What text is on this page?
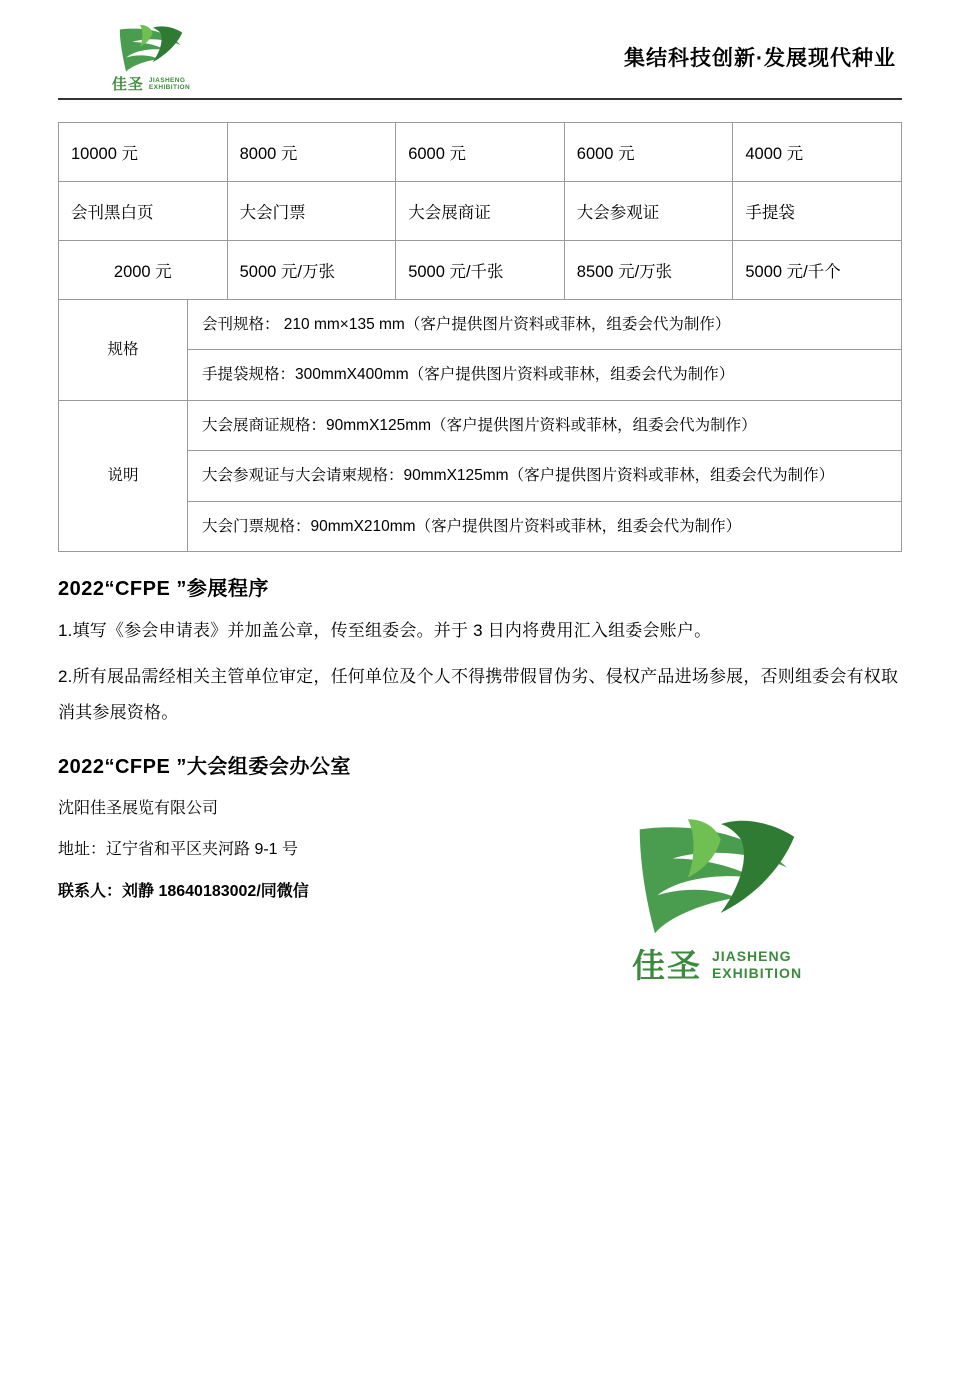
佳圣 JIASHENG
EXHIBITION
集结科技创新·发展现代种业
10000 元	8000 元	6000 元	6000 元	4000 元
会刊黑白页	大会门票	大会展商证	大会参观证	手提袋
2000 元	5000 元/万张	5000 元/千张	8500 元/万张	5000 元/千个
规格	会刊规格： 210 mm×135 mm（客户提供图片资料或菲林，组委会代为制作）
	手提袋规格：300mmX400mm（客户提供图片资料或菲林，组委会代为制作）
说明	大会展商证规格：90mmX125mm（客户提供图片资料或菲林，组委会代为制作）
	大会参观证与大会请柬规格：90mmX125mm（客户提供图片资料或菲林，组委会代为制作）
	大会门票规格：90mmX210mm（客户提供图片资料或菲林，组委会代为制作）
2022“CFPE ”参展程序

1.填写《参会申请表》并加盖公章，传至组委会。并于 3 日内将费用汇入组委会账户。

2.所有展品需经相关主管单位审定，任何单位及个人不得携带假冒伪劣、侵权产品进场参展，否则组委会有权取消其参展资格。

2022“CFPE ”大会组委会办公室

沈阳佳圣展览有限公司

地址：辽宁省和平区夹河路 9-1 号

联系人：刘静 18640183002/同微信

佳圣 JIASHENG
EXHIBITION
